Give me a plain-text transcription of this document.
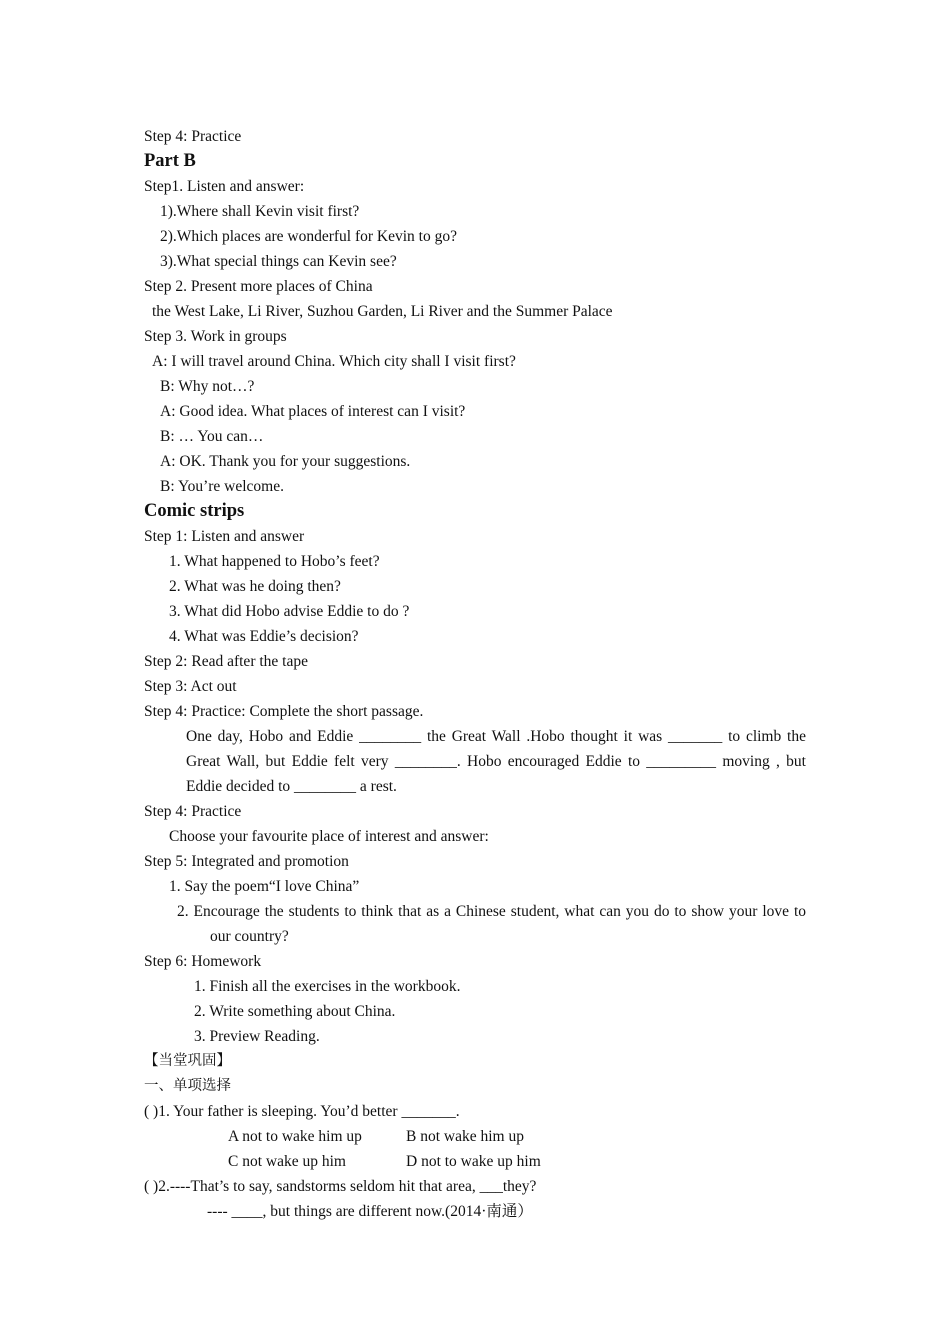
Step 4: Practice
Part B
Step1. Listen and answer:
1).Where shall Kevin visit first?
2).Which places are wonderful for Kevin to go?
3).What special things can Kevin see?
Step 2. Present more places of China
the West Lake, Li River, Suzhou Garden, Li River and the Summer Palace
Step 3. Work in groups
A: I will travel around China. Which city shall I visit first?
B: Why not…?
A: Good idea. What places of interest can I visit?
B: … You can…
A: OK. Thank you for your suggestions.
B: You’re welcome.
Comic strips
Step 1: Listen and answer
1. What happened to Hobo’s feet?
2. What was he doing then?
3. What did Hobo advise Eddie to do ?
4. What was Eddie’s decision?
Step 2: Read after the tape
Step 3: Act out
Step 4: Practice: Complete the short passage.
One day, Hobo and Eddie ________ the Great Wall .Hobo thought it was _______ to climb the Great Wall, but Eddie felt very ________. Hobo encouraged Eddie to _________ moving , but Eddie decided to ________ a rest.
Step 4: Practice
Choose your favourite place of interest and answer:
Step 5: Integrated and promotion
1. Say the poem“I love China”
2. Encourage the students to think that as a Chinese student, what can you do to show your love to our country?
Step 6: Homework
1. Finish all the exercises in the workbook.
2. Write something about China.
3. Preview Reading.
【当堂巩固】
一、单项选择
( )1. Your father is sleeping. You’d better _______.
A not to wake him up	B not wake him up
C not wake up him	D not to wake up him
( )2.----That’s to say, sandstorms seldom hit that area, ___they?
---- ____, but things are different now.(2014·南通）
